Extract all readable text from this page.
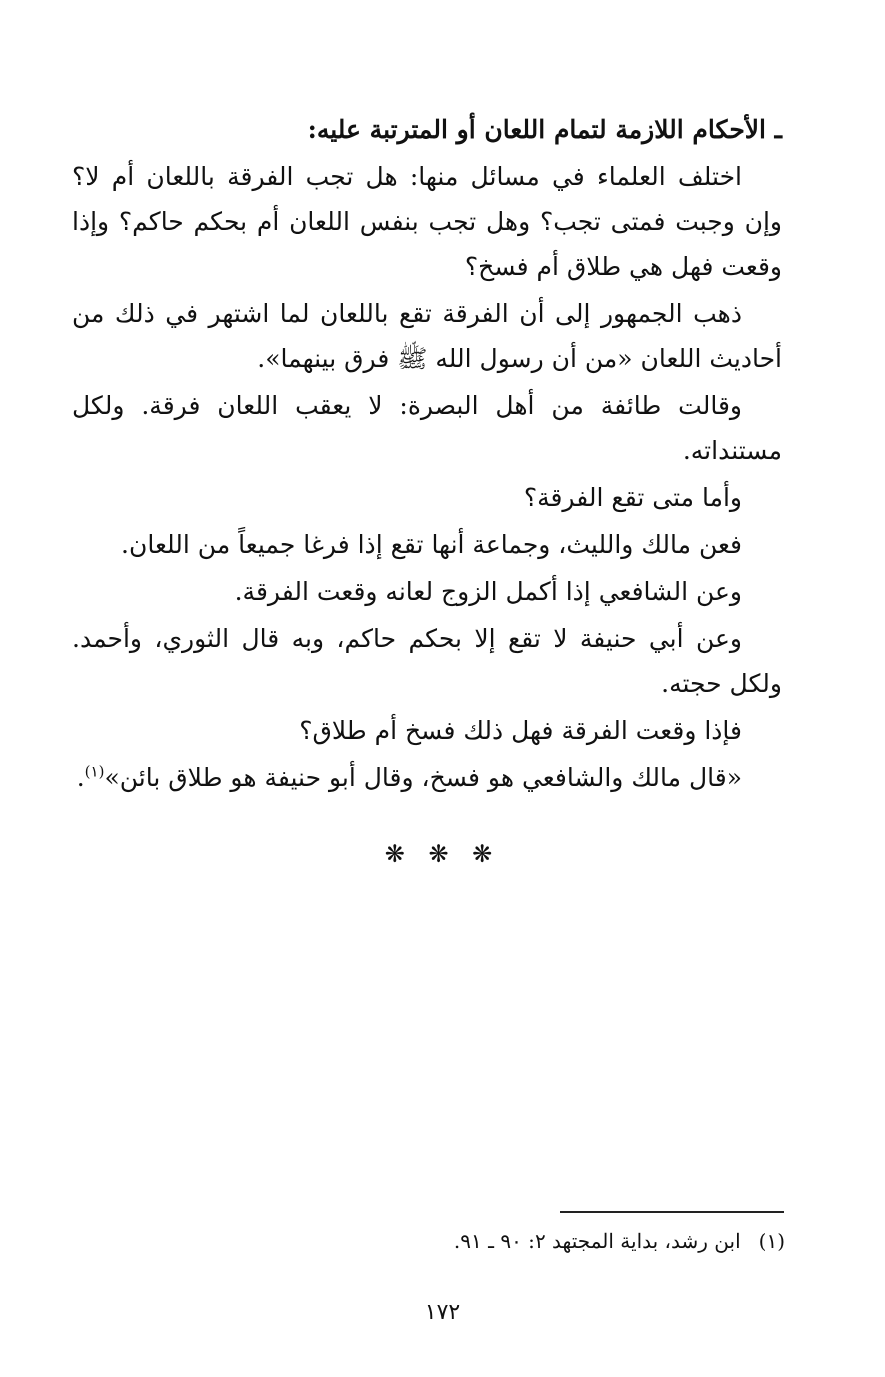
ـ الأحكام اللازمة لتمام اللعان أو المترتبة عليه:
اختلف العلماء في مسائل منها: هل تجب الفرقة باللعان أم لا؟ وإن وجبت فمتى تجب؟ وهل تجب بنفس اللعان أم بحكم حاكم؟ وإذا وقعت فهل هي طلاق أم فسخ؟
ذهب الجمهور إلى أن الفرقة تقع باللعان لما اشتهر في ذلك من أحاديث اللعان «من أن رسول الله ﷺ فرق بينهما».
وقالت طائفة من أهل البصرة: لا يعقب اللعان فرقة. ولكل مستنداته.
وأما متى تقع الفرقة؟
فعن مالك والليث، وجماعة أنها تقع إذا فرغا جميعاً من اللعان.
وعن الشافعي إذا أكمل الزوج لعانه وقعت الفرقة.
وعن أبي حنيفة لا تقع إلا بحكم حاكم، وبه قال الثوري، وأحمد. ولكل حجته.
فإذا وقعت الفرقة فهل ذلك فسخ أم طلاق؟
«قال مالك والشافعي هو فسخ، وقال أبو حنيفة هو طلاق بائن»$^{(١)}$.
❋ ❋ ❋
(١)ابن رشد، بداية المجتهد ٢: ٩٠ ـ ٩١.
١٧٢
